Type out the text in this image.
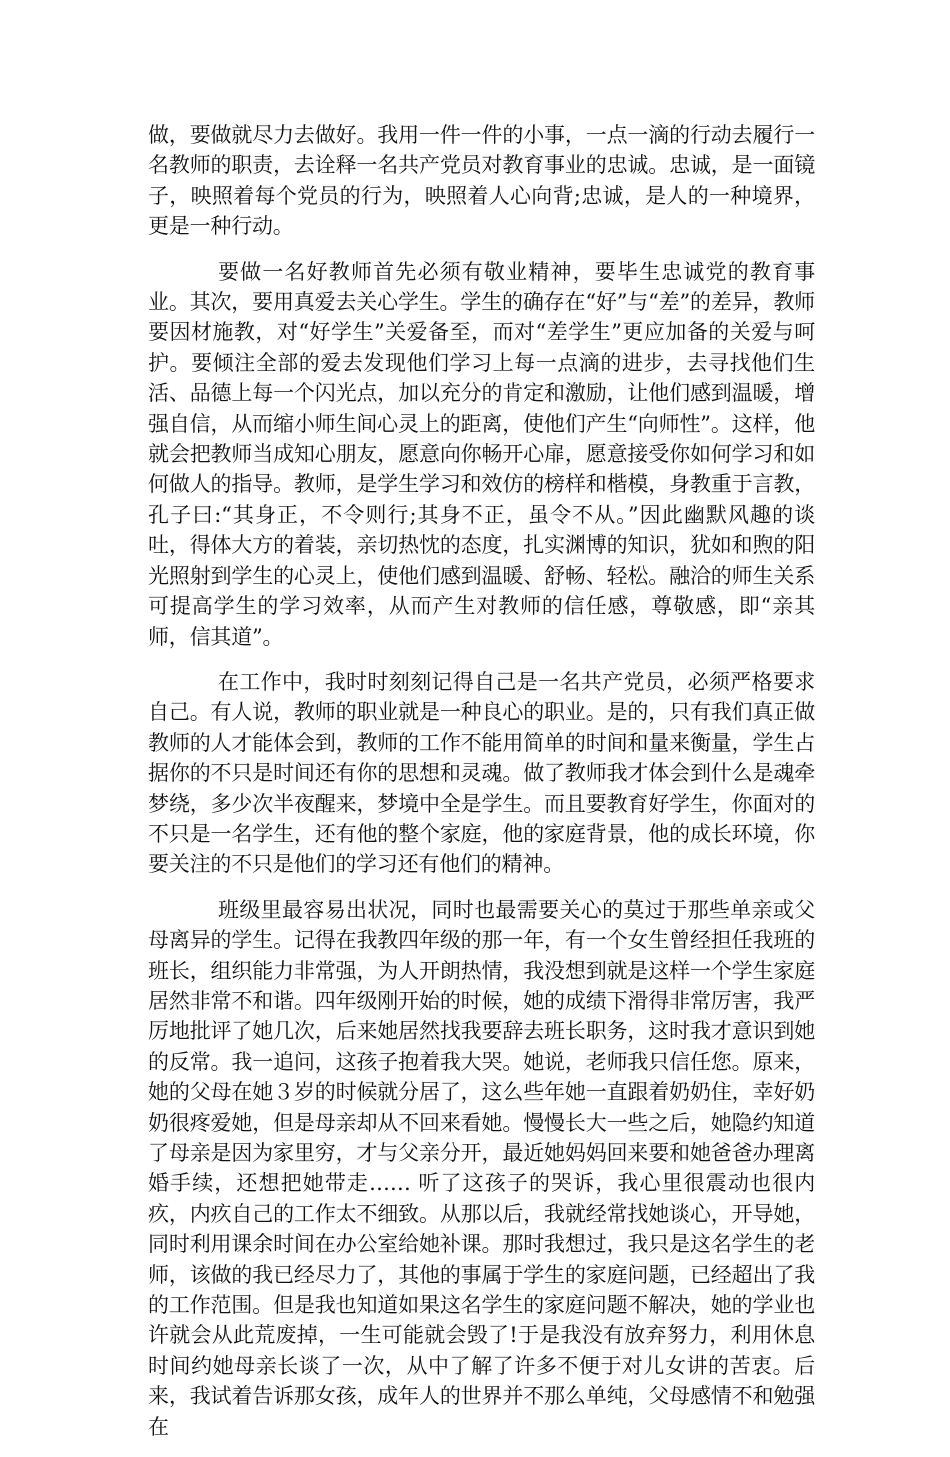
做，要做就尽力去做好。我用一件一件的小事，一点一滴的行动去履行一名教师的职责，去诠释一名共产党员对教育事业的忠诚。忠诚，是一面镜子，映照着每个党员的行为，映照着人心向背;忠诚，是人的一种境界，更是一种行动。

要做一名好教师首先必须有敬业精神，要毕生忠诚党的教育事业。其次，要用真爱去关心学生。学生的确存在“好”与“差”的差异，教师要因材施教，对“好学生”关爱备至，而对“差学生”更应加备的关爱与呵护。要倾注全部的爱去发现他们学习上每一点滴的进步，去寻找他们生活、品德上每一个闪光点，加以充分的肯定和激励，让他们感到温暖，增强自信，从而缩小师生间心灵上的距离，使他们产生“向师性”。这样，他就会把教师当成知心朋友，愿意向你畅开心扉，愿意接受你如何学习和如何做人的指导。教师，是学生学习和效仿的榜样和楷模，身教重于言教，孔子曰:“其身正，不令则行;其身不正，虽令不从。”因此幽默风趣的谈吐，得体大方的着装，亲切热忱的态度，扎实渊博的知识，犹如和煦的阳光照射到学生的心灵上，使他们感到温暖、舒畅、轻松。融洽的师生关系可提高学生的学习效率，从而产生对教师的信任感，尊敬感，即“亲其师，信其道”。

在工作中，我时时刻刻记得自己是一名共产党员，必须严格要求自己。有人说，教师的职业就是一种良心的职业。是的，只有我们真正做教师的人才能体会到，教师的工作不能用简单的时间和量来衡量，学生占据你的不只是时间还有你的思想和灵魂。做了教师我才体会到什么是魂牵梦绕，多少次半夜醒来，梦境中全是学生。而且要教育好学生，你面对的不只是一名学生，还有他的整个家庭，他的家庭背景，他的成长环境，你要关注的不只是他们的学习还有他们的精神。

班级里最容易出状况，同时也最需要关心的莫过于那些单亲或父母离异的学生。记得在我教四年级的那一年，有一个女生曾经担任我班的班长，组织能力非常强，为人开朗热情，我没想到就是这样一个学生家庭居然非常不和谐。四年级刚开始的时候，她的成绩下滑得非常厉害，我严厉地批评了她几次，后来她居然找我要辞去班长职务，这时我才意识到她的反常。我一追问，这孩子抱着我大哭。她说，老师我只信任您。原来，她的父母在她３岁的时候就分居了，这么些年她一直跟着奶奶住，幸好奶奶很疼爱她，但是母亲却从不回来看她。慢慢长大一些之后，她隐约知道了母亲是因为家里穷，才与父亲分开，最近她妈妈回来要和她爸爸办理离婚手续，还想把她带走…… 听了这孩子的哭诉，我心里很震动也很内疚，内疚自己的工作太不细致。从那以后，我就经常找她谈心，开导她，同时利用课余时间在办公室给她补课。那时我想过，我只是这名学生的老师，该做的我已经尽力了，其他的事属于学生的家庭问题，已经超出了我的工作范围。但是我也知道如果这名学生的家庭问题不解决，她的学业也许就会从此荒废掉，一生可能就会毁了!于是我没有放弃努力，利用休息时间约她母亲长谈了一次，从中了解了许多不便于对儿女讲的苦衷。后来，我试着告诉那女孩，成年人的世界并不那么单纯，父母感情不和勉强在
